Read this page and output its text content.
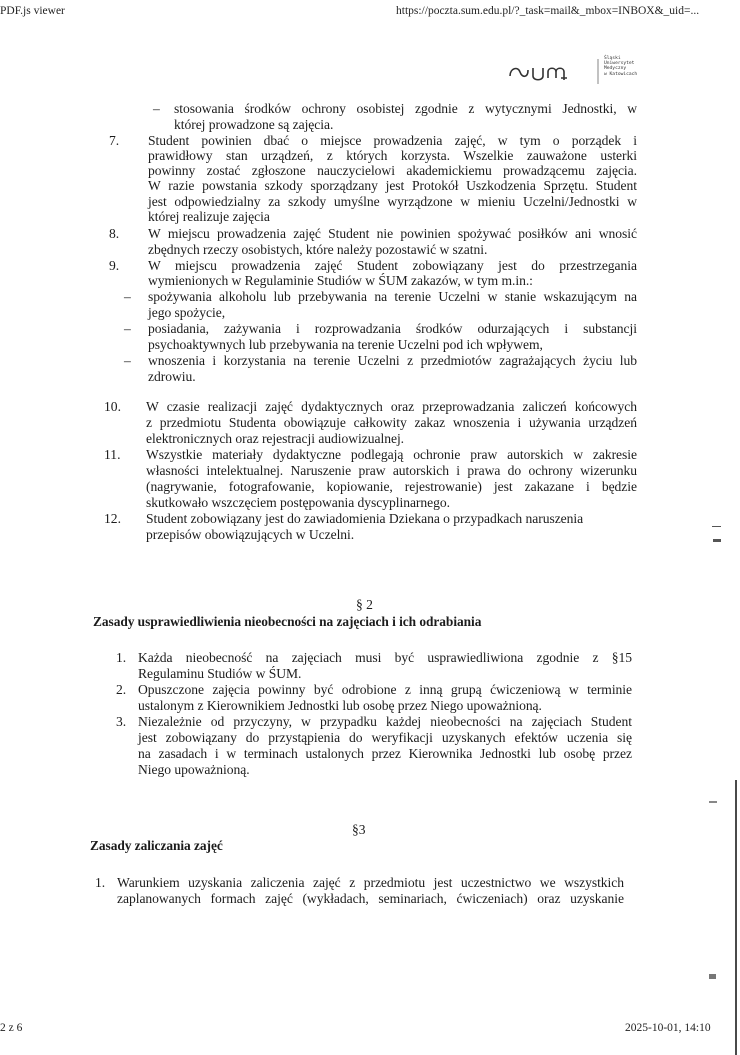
PDF.js viewer	https://poczta.sum.edu.pl/?_task=mail&_mbox=INBOX&_uid=...
Śląski
Uniwersytet
Medyczny
w Katowicach
– stosowania środków ochrony osobistej zgodnie z wytycznymi Jednostki, w
której prowadzone są zajęcia.
7. Student powinien dbać o miejsce prowadzenia zajęć, w tym o porządek i
prawidłowy stan urządzeń, z których korzysta. Wszelkie zauważone usterki
powinny zostać zgłoszone nauczycielowi akademickiemu prowadzącemu zajęcia.
W razie powstania szkody sporządzany jest Protokół Uszkodzenia Sprzętu. Student
jest odpowiedzialny za szkody umyślne wyrządzone w mieniu Uczelni/Jednostki w
której realizuje zajęcia
8. W miejscu prowadzenia zajęć Student nie powinien spożywać posiłków ani wnosić
zbędnych rzeczy osobistych, które należy pozostawić w szatni.
9. W miejscu prowadzenia zajęć Student zobowiązany jest do przestrzegania
wymienionych w Regulaminie Studiów w ŚUM zakazów, w tym m.in.:
– spożywania alkoholu lub przebywania na terenie Uczelni w stanie wskazującym na
jego spożycie,
– posiadania, zażywania i rozprowadzania środków odurzających i substancji
psychoaktywnych lub przebywania na terenie Uczelni pod ich wpływem,
– wnoszenia i korzystania na terenie Uczelni z przedmiotów zagrażających życiu lub
zdrowiu.
10. W czasie realizacji zajęć dydaktycznych oraz przeprowadzania zaliczeń końcowych
z przedmiotu Studenta obowiązuje całkowity zakaz wnoszenia i używania urządzeń
elektronicznych oraz rejestracji audiowizualnej.
11. Wszystkie materiały dydaktyczne podlegają ochronie praw autorskich w zakresie
własności intelektualnej. Naruszenie praw autorskich i prawa do ochrony wizerunku
(nagrywanie, fotografowanie, kopiowanie, rejestrowanie) jest zakazane i będzie
skutkowało wszczęciem postępowania dyscyplinarnego.
12. Student zobowiązany jest do zawiadomienia Dziekana o przypadkach naruszenia
przepisów obowiązujących w Uczelni.
§ 2
Zasady usprawiedliwienia nieobecności na zajęciach i ich odrabiania
1. Każda nieobecność na zajęciach musi być usprawiedliwiona zgodnie z §15
Regulaminu Studiów w ŚUM.
2. Opuszczone zajęcia powinny być odrobione z inną grupą ćwiczeniową w terminie
ustalonym z Kierownikiem Jednostki lub osobę przez Niego upoważnioną.
3. Niezależnie od przyczyny, w przypadku każdej nieobecności na zajęciach Student
jest zobowiązany do przystąpienia do weryfikacji uzyskanych efektów uczenia się
na zasadach i w terminach ustalonych przez Kierownika Jednostki lub osobę przez
Niego upoważnioną.
§3
Zasady zaliczania zajęć
1. Warunkiem uzyskania zaliczenia zajęć z przedmiotu jest uczestnictwo we wszystkich
zaplanowanych formach zajęć (wykładach, seminariach, ćwiczeniach) oraz uzyskanie
2 z 6	2025-10-01, 14:10
